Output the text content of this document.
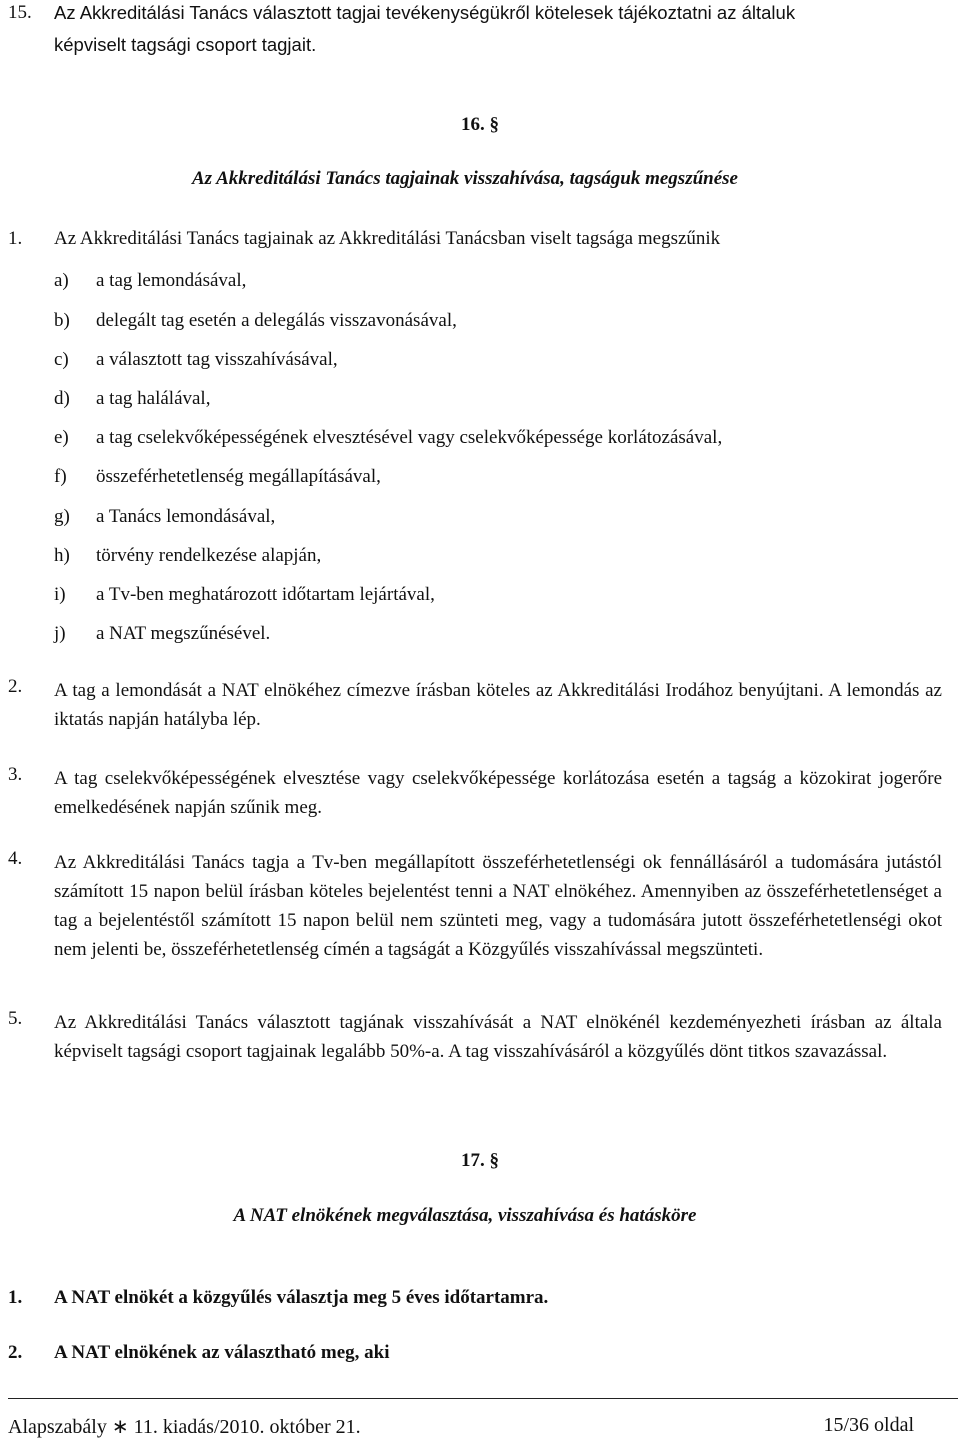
15. Az Akkreditálási Tanács választott tagjai tevékenységükről kötelesek tájékoztatni az általuk
képviselt tagsági csoport tagjait.
16. §
Az Akkreditálási Tanács tagjainak visszahívása, tagságuk megszűnése
1. Az Akkreditálási Tanács tagjainak az Akkreditálási Tanácsban viselt tagsága megszűnik
a) a tag lemondásával,
b) delegált tag esetén a delegálás visszavonásával,
c) a választott tag visszahívásával,
d) a tag halálával,
e) a tag cselekvőképességének elvesztésével vagy cselekvőképessége korlátozásával,
f) összeférhetetlenség megállapításával,
g) a Tanács lemondásával,
h) törvény rendelkezése alapján,
i) a Tv-ben meghatározott időtartam lejártával,
j) a NAT megszűnésével.
2. A tag a lemondását a NAT elnökéhez címezve írásban köteles az Akkreditálási Irodához benyújtani. A lemondás az iktatás napján hatályba lép.
3. A tag cselekvőképességének elvesztése vagy cselekvőképessége korlátozása esetén a tagság a közokirat jogerőre emelkedésének napján szűnik meg.
4. Az Akkreditálási Tanács tagja a Tv-ben megállapított összeférhetetlenségi ok fennállásáról a tudomására jutástól számított 15 napon belül írásban köteles bejelentést tenni a NAT elnökéhez. Amennyiben az összeférhetetlenséget a tag a bejelentéstől számított 15 napon belül nem szünteti meg, vagy a tudomására jutott összeférhetetlenségi okot nem jelenti be, összeférhetetlenség címén a tagságát a Közgyűlés visszahívással megszünteti.
5. Az Akkreditálási Tanács választott tagjának visszahívását a NAT elnökénél kezdeményezheti írásban az általa képviselt tagsági csoport tagjainak legalább 50%-a. A tag visszahívásáról a közgyűlés dönt titkos szavazással.
17. §
A NAT elnökének megválasztása, visszahívása és hatásköre
1. A NAT elnökét a közgyűlés választja meg 5 éves időtartamra.
2. A NAT elnökének az választható meg, aki
Alapszabály ∗ 11. kiadás/2010. október 21.	15/36 oldal
